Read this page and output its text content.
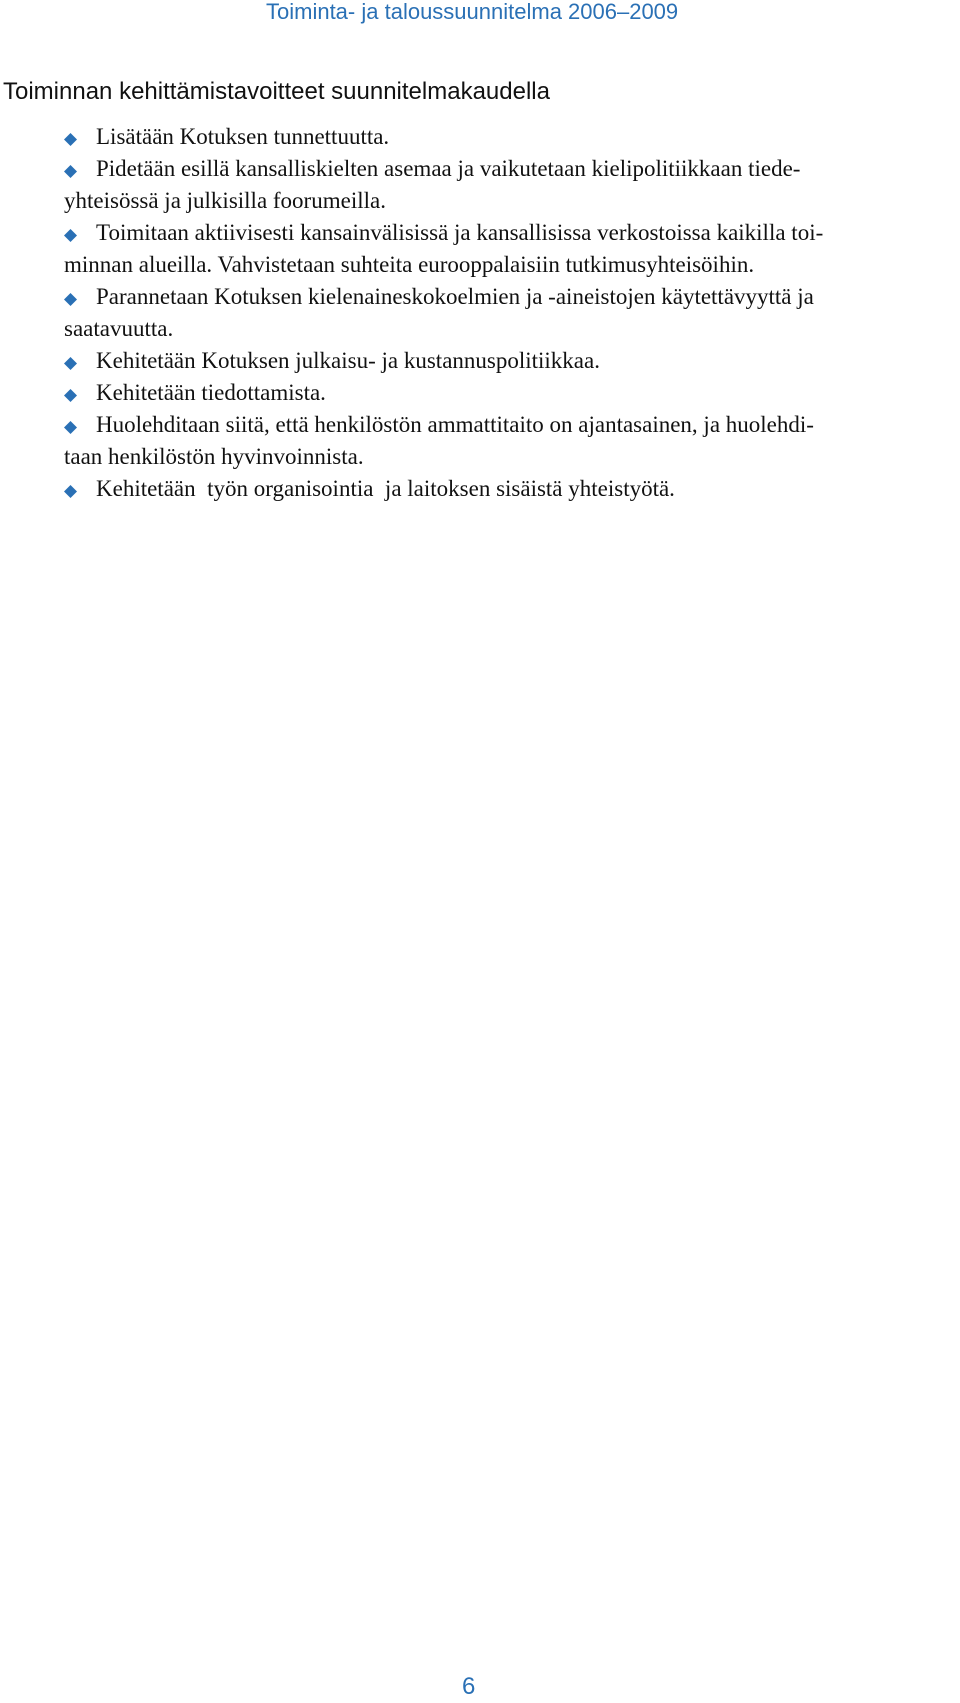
Toiminta- ja taloussuunnitelma 2006–2009
Toiminnan kehittämistavoitteet suunnitelmakaudella
Lisätään Kotuksen tunnettuutta.
Pidetään esillä kansalliskielten asemaa ja vaikutetaan kielipolitiikkaan tiede-
yhteisössä ja julkisilla foorumeilla.
Toimitaan aktiivisesti kansainvälisissä ja kansallisissa verkostoissa kaikilla toi-
minnan alueilla. Vahvistetaan suhteita eurooppalaisiin tutkimusyhteisöihin.
Parannetaan Kotuksen kielenaineskokoelmien ja -aineistojen käytettävyyttä ja
saatavuutta.
Kehitetään Kotuksen julkaisu- ja kustannuspolitiikkaa.
Kehitetään tiedottamista.
Huolehditaan siitä, että henkilöstön ammattitaito on ajantasainen, ja huolehdi-
taan henkilöstön hyvinvoinnista.
Kehitetään  työn organisointia  ja laitoksen sisäistä yhteistyötä.
6
